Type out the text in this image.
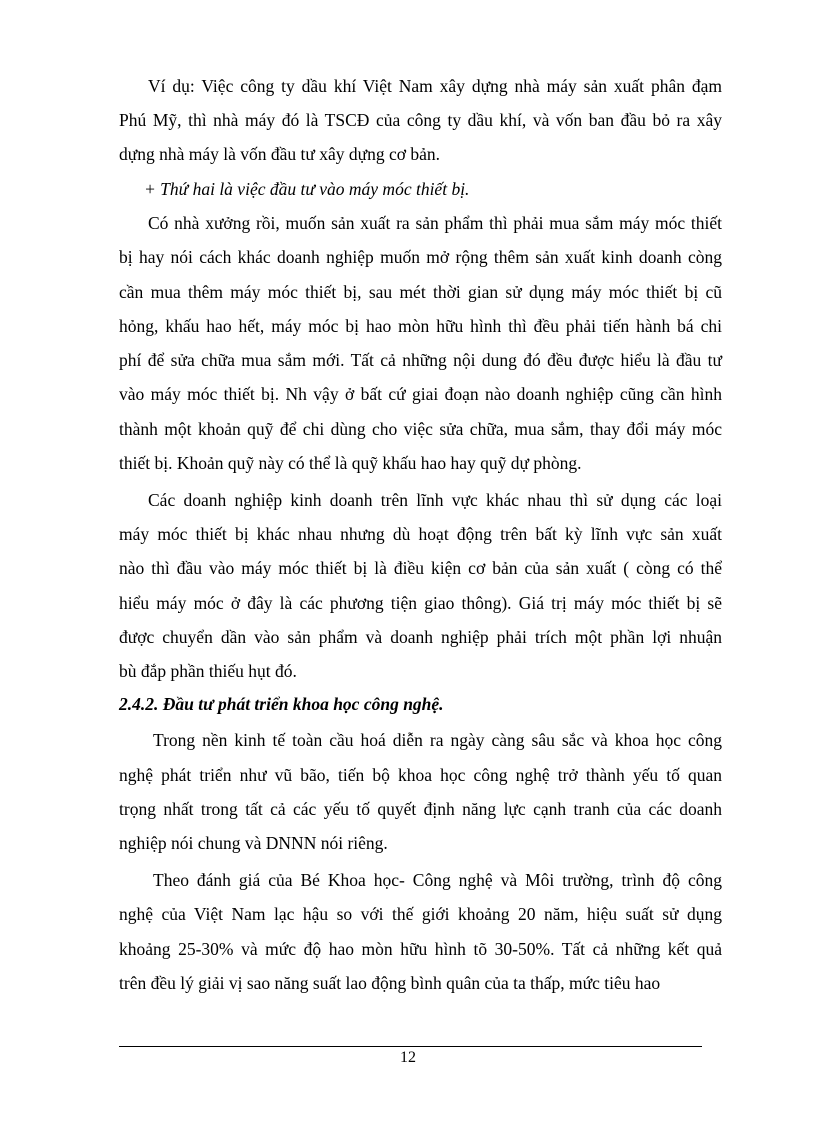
Ví dụ: Việc công ty dầu khí Việt Nam xây dựng nhà máy sản xuất phân đạm
Phú Mỹ, thì nhà máy đó là TSCĐ của công ty dầu khí, và vốn ban đầu bỏ ra xây
dựng nhà máy là vốn đầu tư xây dựng cơ bản.
+ Thứ hai là việc đầu tư vào máy móc thiết bị.
Có nhà xưởng rồi, muốn sản xuất ra sản phẩm thì phải mua sắm máy móc thiết
bị hay nói cách khác doanh nghiệp muốn mở rộng thêm sản xuất kinh doanh còng
cần mua thêm máy móc thiết bị, sau mét thời gian sử dụng máy móc thiết bị cũ
hỏng, khấu hao hết, máy móc bị hao mòn hữu hình thì đều phải tiến hành bá chi
phí để sửa chữa mua sắm mới. Tất cả những nội dung đó đều được hiểu là đầu tư
vào máy móc thiết bị. Nh vậy ở bất cứ giai đoạn nào doanh nghiệp cũng cần hình
thành một khoản quỹ để chi dùng cho việc sửa chữa, mua sắm, thay đổi máy móc
thiết bị. Khoản quỹ này có thể là quỹ khấu hao hay quỹ dự phòng.
Các doanh nghiệp kinh doanh trên lĩnh vực khác nhau thì sử dụng các loại
máy móc thiết bị khác nhau nhưng dù hoạt động trên bất kỳ lĩnh vực sản xuất
nào thì đầu vào máy móc thiết bị là điều kiện cơ bản của sản xuất ( còng có thể
hiểu máy móc ở đây là các phương tiện giao thông). Giá trị máy móc thiết bị sẽ
được chuyển dần vào sản phẩm và doanh nghiệp phải trích một phần lợi nhuận
bù đắp phần thiếu hụt đó.
2.4.2. Đầu tư phát triển khoa học công nghệ.
Trong nền kinh tế toàn cầu hoá diễn ra ngày càng sâu sắc và khoa học công
nghệ phát triển như vũ bão, tiến bộ khoa học công nghệ trở thành yếu tố quan
trọng nhất trong tất cả các yếu tố quyết định năng lực cạnh tranh của các doanh
nghiệp nói chung và DNNN nói riêng.
Theo đánh giá của Bé Khoa học- Công nghệ và Môi trường, trình độ công
nghệ của Việt Nam lạc hậu so với thế giới khoảng 20 năm, hiệu suất sử dụng
khoảng 25-30% và mức độ hao mòn hữu hình tõ 30-50%. Tất cả những kết quả
trên đều lý giải vị sao năng suất lao động bình quân của ta thấp, mức tiêu hao
12
